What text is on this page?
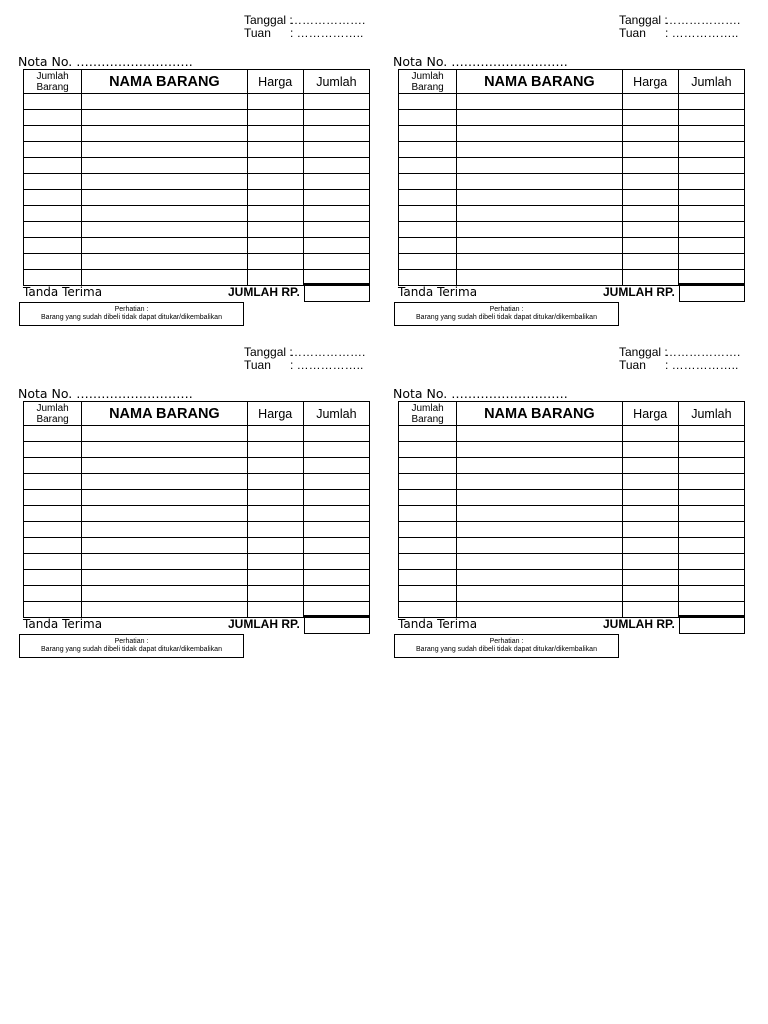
Tanggal :
……………….
Tuan	: ……………..
Nota No. ……………………….
Jumlah
Barang	NAMA BARANG	Harga	Jumlah

Tanda Terima	JUMLAH RP.
Perhatian :
Barang yang sudah dibeli tidak dapat ditukar/dikembalikan
Tanggal :
……………….
Tuan	: ……………..
Nota No. ……………………….
Jumlah
Barang	NAMA BARANG	Harga	Jumlah

Tanda Terima	JUMLAH RP.
Perhatian :
Barang yang sudah dibeli tidak dapat ditukar/dikembalikan
Tanggal :
……………….
Tuan	: ……………..
Nota No. ……………………….
Jumlah
Barang	NAMA BARANG	Harga	Jumlah

Tanda Terima	JUMLAH RP.
Perhatian :
Barang yang sudah dibeli tidak dapat ditukar/dikembalikan
Tanggal :
……………….
Tuan	: ……………..
Nota No. ……………………….
Jumlah
Barang	NAMA BARANG	Harga	Jumlah

Tanda Terima	JUMLAH RP.
Perhatian :
Barang yang sudah dibeli tidak dapat ditukar/dikembalikan
